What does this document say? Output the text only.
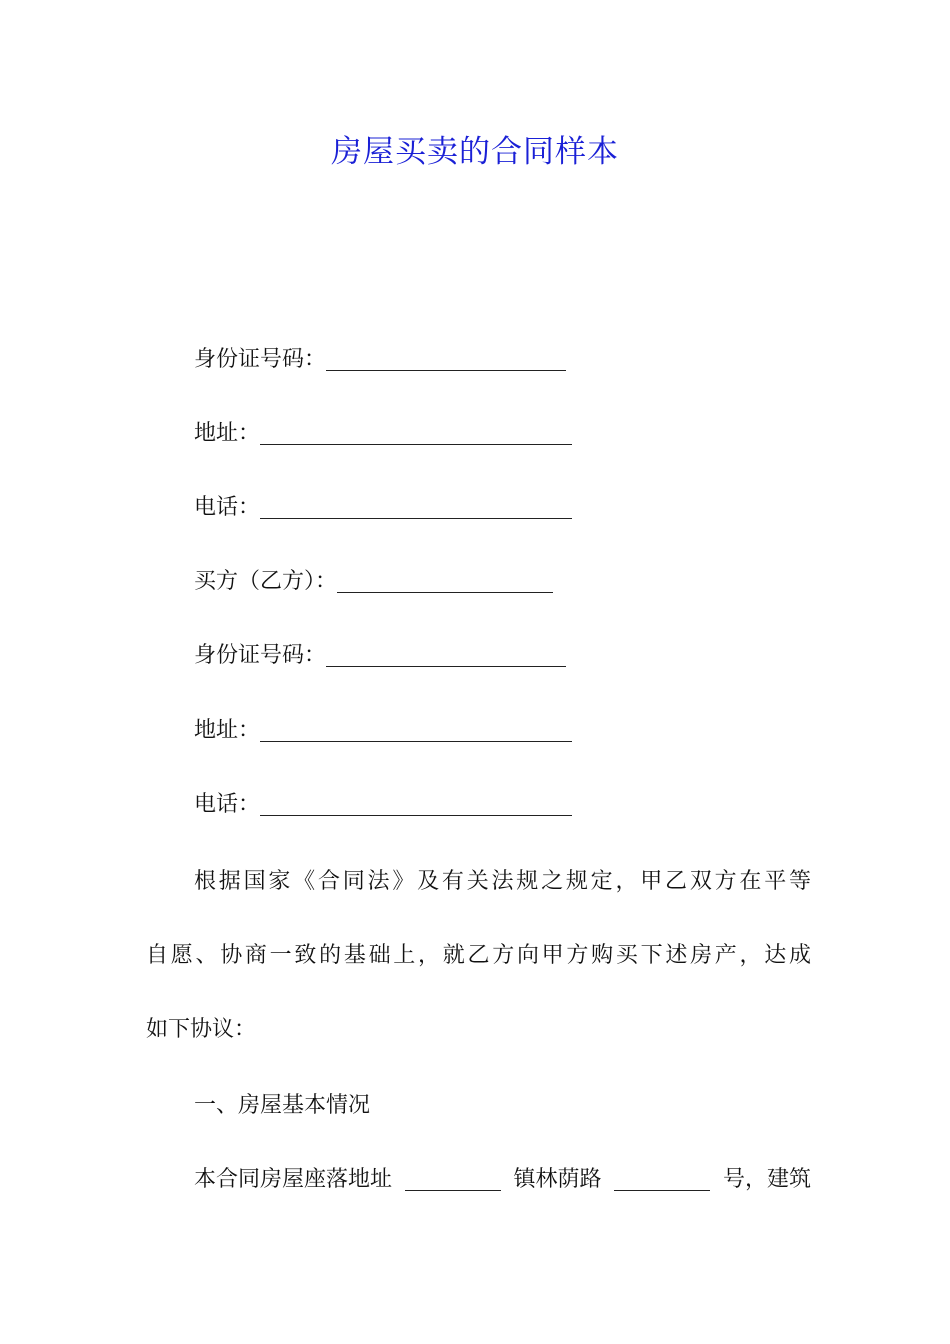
房屋买卖的合同样本
身份证号码：
地址：
电话：
买方（乙方）：
身份证号码：
地址：
电话：
根据国家《合同法》及有关法规之规定，甲乙双方在平等
自愿、协商一致的基础上，就乙方向甲方购买下述房产，达成
如下协议：
一、房屋基本情况
本合同房屋座落地址	镇林荫路	号，建筑
